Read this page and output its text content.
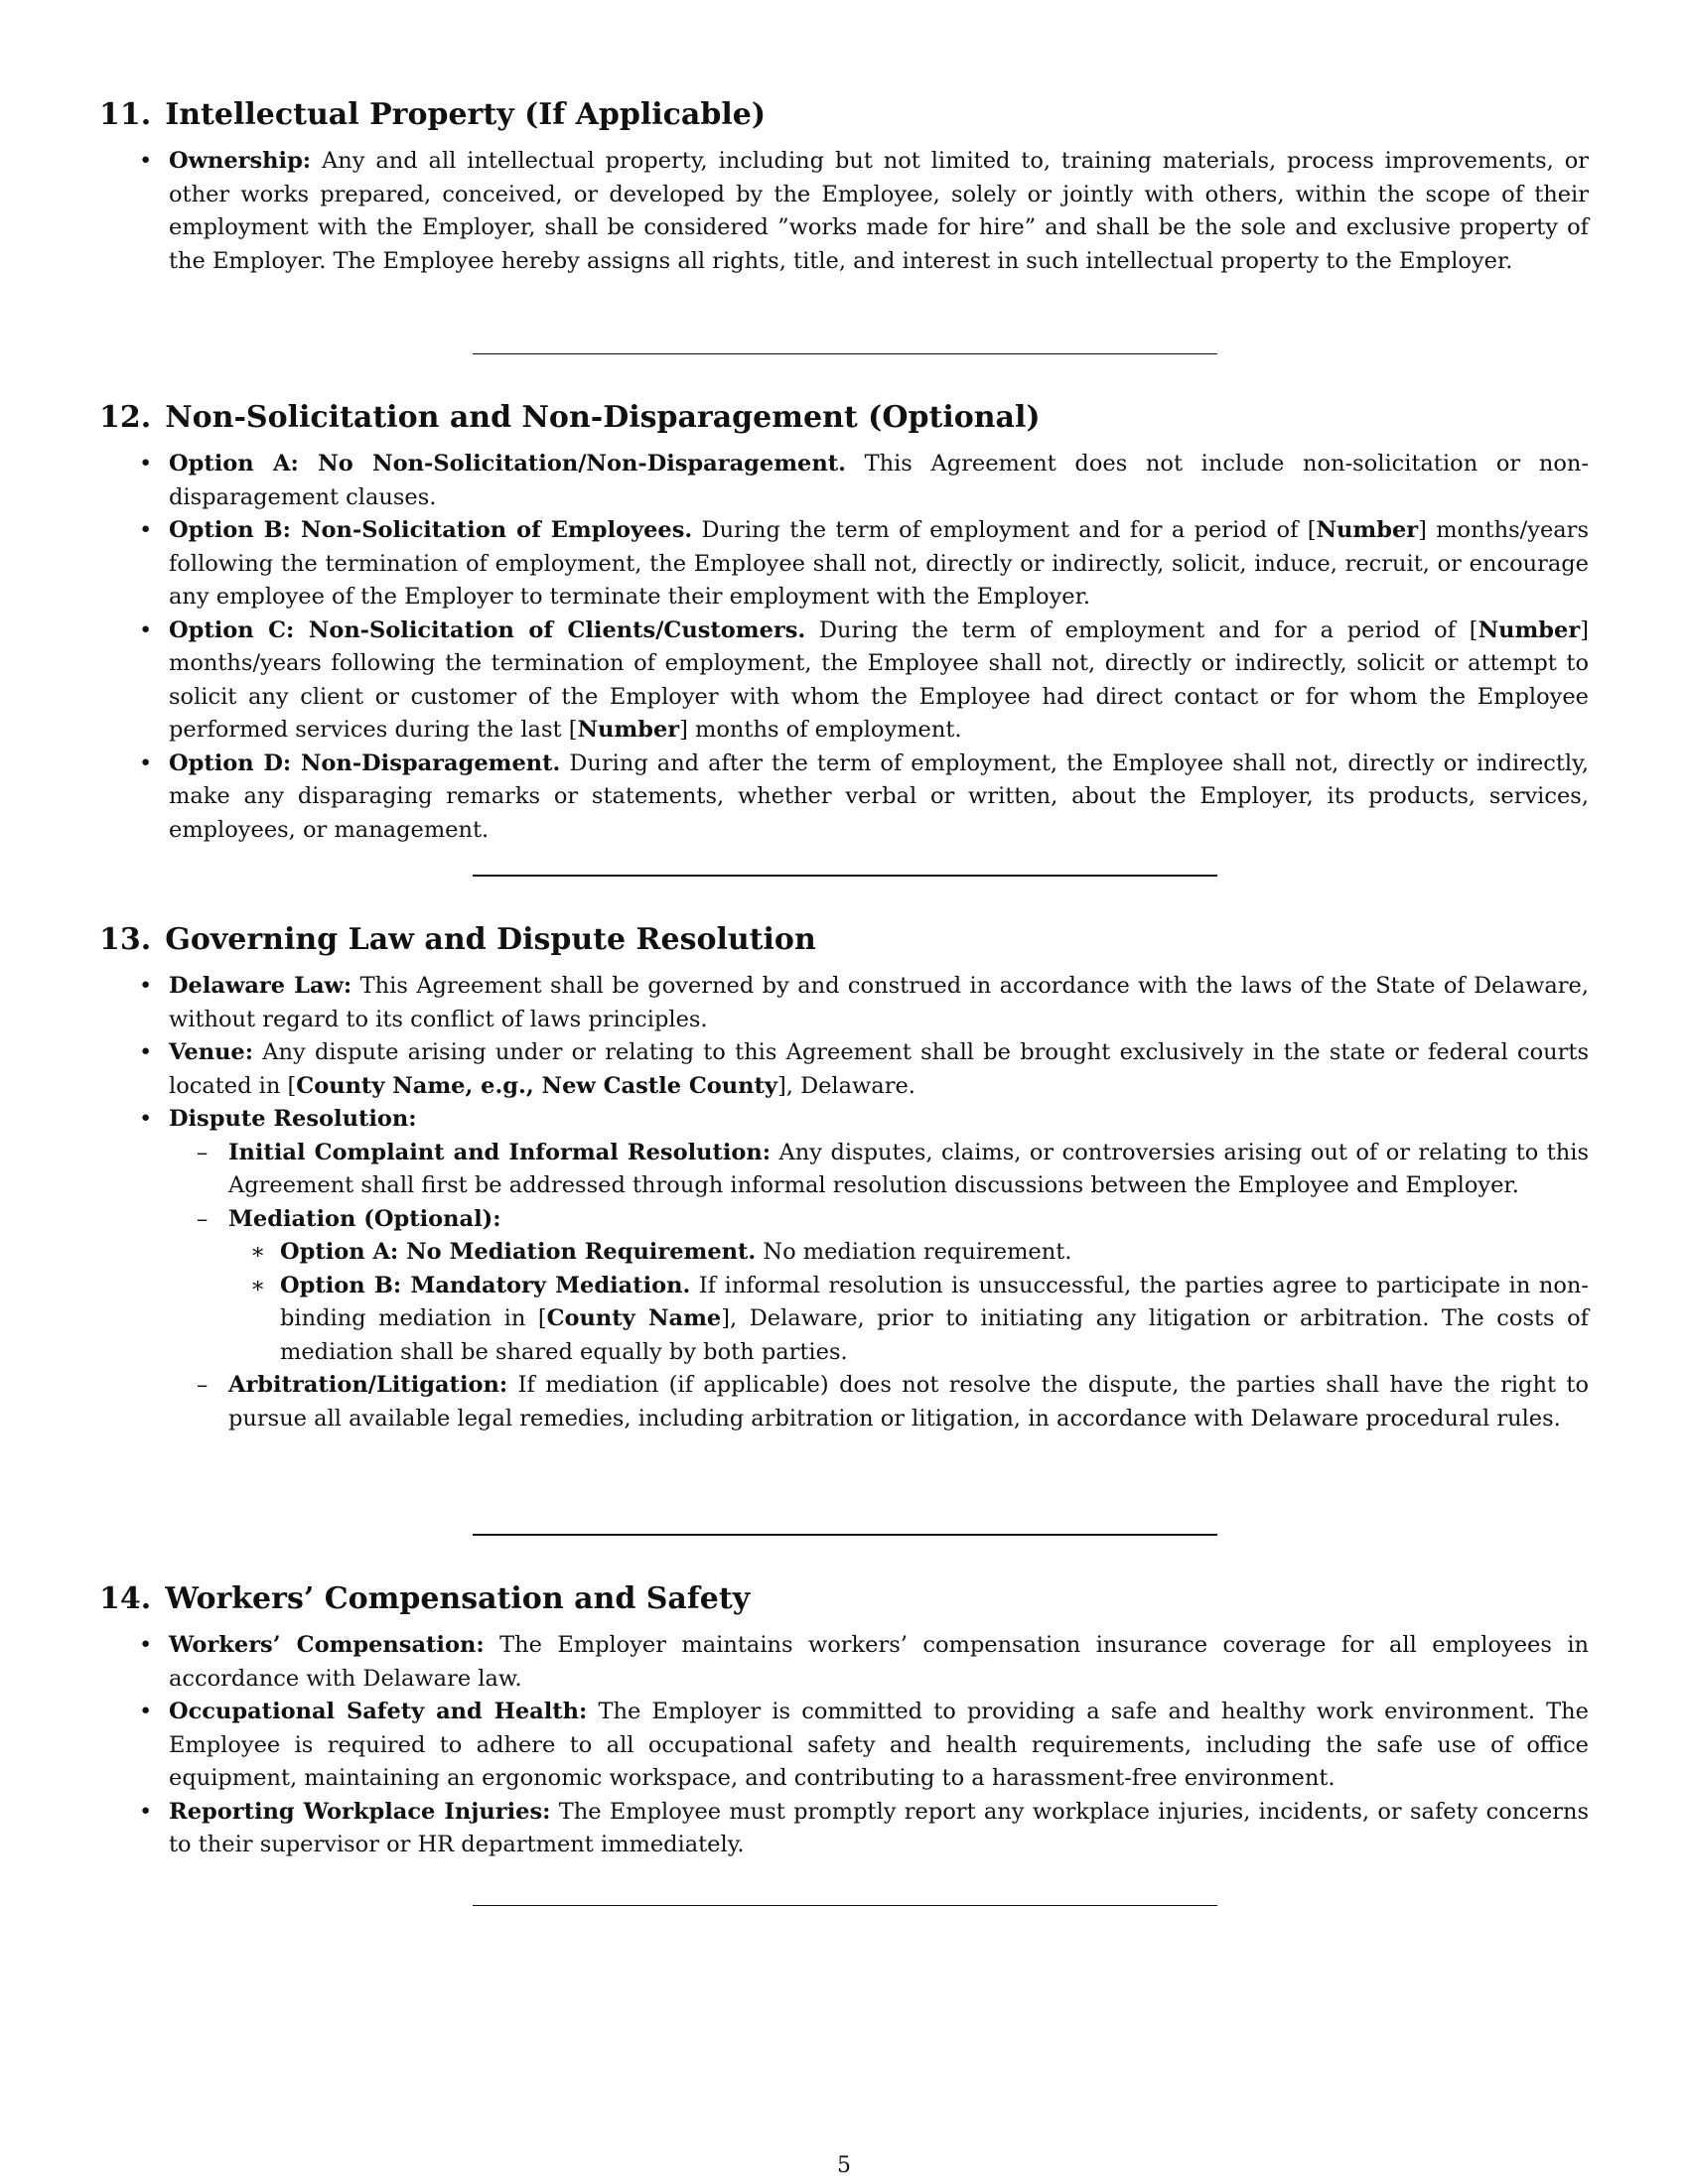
11. Intellectual Property (If Applicable)
• Ownership: Any and all intellectual property, including but not limited to, training materials, process improvements, or other works prepared, conceived, or developed by the Employee, solely or jointly with others, within the scope of their employment with the Employer, shall be considered ”works made for hire” and shall be the sole and exclusive property of the Employer. The Employee hereby assigns all rights, title, and interest in such intellectual property to the Employer.
12. Non-Solicitation and Non-Disparagement (Optional)
• Option A: No Non-Solicitation/Non-Disparagement. This Agreement does not include non-solicitation or non-disparagement clauses.
• Option B: Non-Solicitation of Employees. During the term of employment and for a period of [Number] months/years following the termination of employment, the Employee shall not, directly or indirectly, solicit, induce, recruit, or encourage any employee of the Employer to terminate their employment with the Employer.
• Option C: Non-Solicitation of Clients/Customers. During the term of employment and for a period of [Number] months/years following the termination of employment, the Employee shall not, directly or indirectly, solicit or attempt to solicit any client or customer of the Employer with whom the Employee had direct contact or for whom the Employee performed services during the last [Number] months of employment.
• Option D: Non-Disparagement. During and after the term of employment, the Employee shall not, directly or indirectly, make any disparaging remarks or statements, whether verbal or written, about the Employer, its products, services, employees, or management.
13. Governing Law and Dispute Resolution
• Delaware Law: This Agreement shall be governed by and construed in accordance with the laws of the State of Delaware, without regard to its conflict of laws principles.
• Venue: Any dispute arising under or relating to this Agreement shall be brought exclusively in the state or federal courts located in [County Name, e.g., New Castle County], Delaware.
• Dispute Resolution:
– Initial Complaint and Informal Resolution: Any disputes, claims, or controversies arising out of or relating to this Agreement shall first be addressed through informal resolution discussions between the Employee and Employer.
– Mediation (Optional):
∗ Option A: No Mediation Requirement. No mediation requirement.
∗ Option B: Mandatory Mediation. If informal resolution is unsuccessful, the parties agree to participate in non-binding mediation in [County Name], Delaware, prior to initiating any litigation or arbitration. The costs of mediation shall be shared equally by both parties.
– Arbitration/Litigation: If mediation (if applicable) does not resolve the dispute, the parties shall have the right to pursue all available legal remedies, including arbitration or litigation, in accordance with Delaware procedural rules.
14. Workers’ Compensation and Safety
• Workers’ Compensation: The Employer maintains workers’ compensation insurance coverage for all employees in accordance with Delaware law.
• Occupational Safety and Health: The Employer is committed to providing a safe and healthy work environment. The Employee is required to adhere to all occupational safety and health requirements, including the safe use of office equipment, maintaining an ergonomic workspace, and contributing to a harassment-free environment.
• Reporting Workplace Injuries: The Employee must promptly report any workplace injuries, incidents, or safety concerns to their supervisor or HR department immediately.
5
